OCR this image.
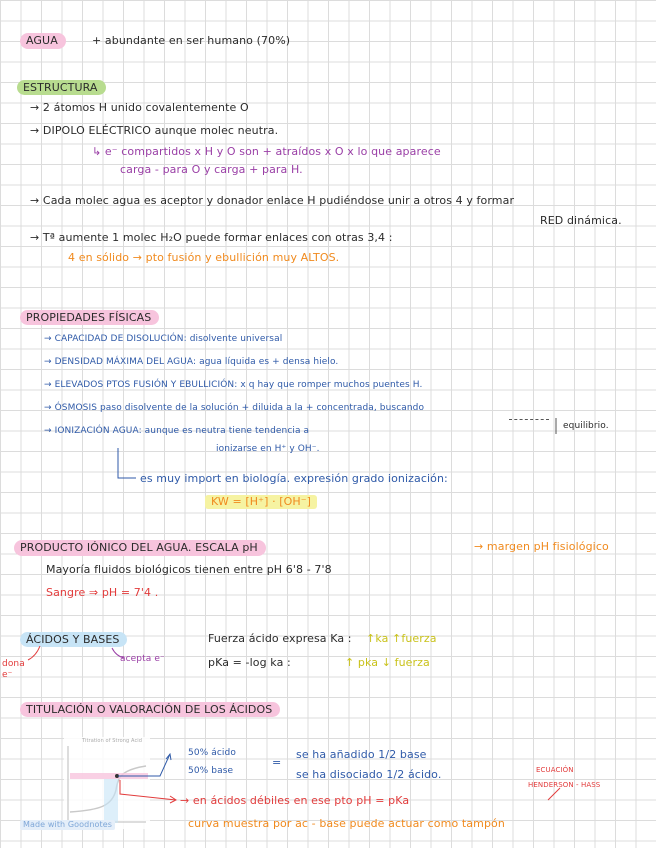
AGUA	+ abundante en ser humano (70%)
ESTRUCTURA
→ 2 átomos H unido covalentemente O
→ DIPOLO ELÉCTRICO aunque molec neutra.
↳ e⁻ compartidos x H y O son + atraídos x O x lo que aparece
carga - para O y carga + para H.
→ Cada molec agua es aceptor y donador enlace H pudiéndose unir a otros 4 y formar
RED dinámica.
→ Tª aumente 1 molec H₂O puede formar enlaces con otras 3,4 :
4 en sólido → pto fusión y ebullición muy ALTOS.
PROPIEDADES FÍSICAS
→ CAPACIDAD DE DISOLUCIÓN: disolvente universal
→ DENSIDAD MÁXIMA DEL AGUA: agua líquida es + densa hielo.
→ ELEVADOS PTOS FUSIÓN Y EBULLICIÓN: x q hay que romper muchos puentes H.
→ ÓSMOSIS paso disolvente de la solución + diluida a la + concentrada, buscando
equilibrio.
→ IONIZACIÓN AGUA: aunque es neutra tiene tendencia a
ionizarse en H⁺ y OH⁻.
es muy import en biología. expresión grado ionización:
KW = [H⁺] · [OH⁻]
PRODUCTO IÓNICO DEL AGUA. ESCALA pH	→ margen pH fisiológico
Mayoría fluidos biológicos tienen entre pH 6'8 - 7'8
Sangre ⇒ pH = 7'4 .
ÁCIDOS Y BASES
dona e⁻
acepta e⁻
Fuerza ácido expresa Ka : ↑ka ↑fuerza
pKa = -log ka :	↑ pka ↓ fuerza
TITULACIÓN O VALORACIÓN DE LOS ÁCIDOS
Titration of Strong Acid
50% ácido
50% base
=
se ha añadido 1/2 base
se ha disociado 1/2 ácido.	ECUACIÓN
HENDERSON - HASS
→ en ácidos débiles en ese pto pH = pKa
curva muestra por ac - base puede actuar como tampón
Made with Goodnotes
